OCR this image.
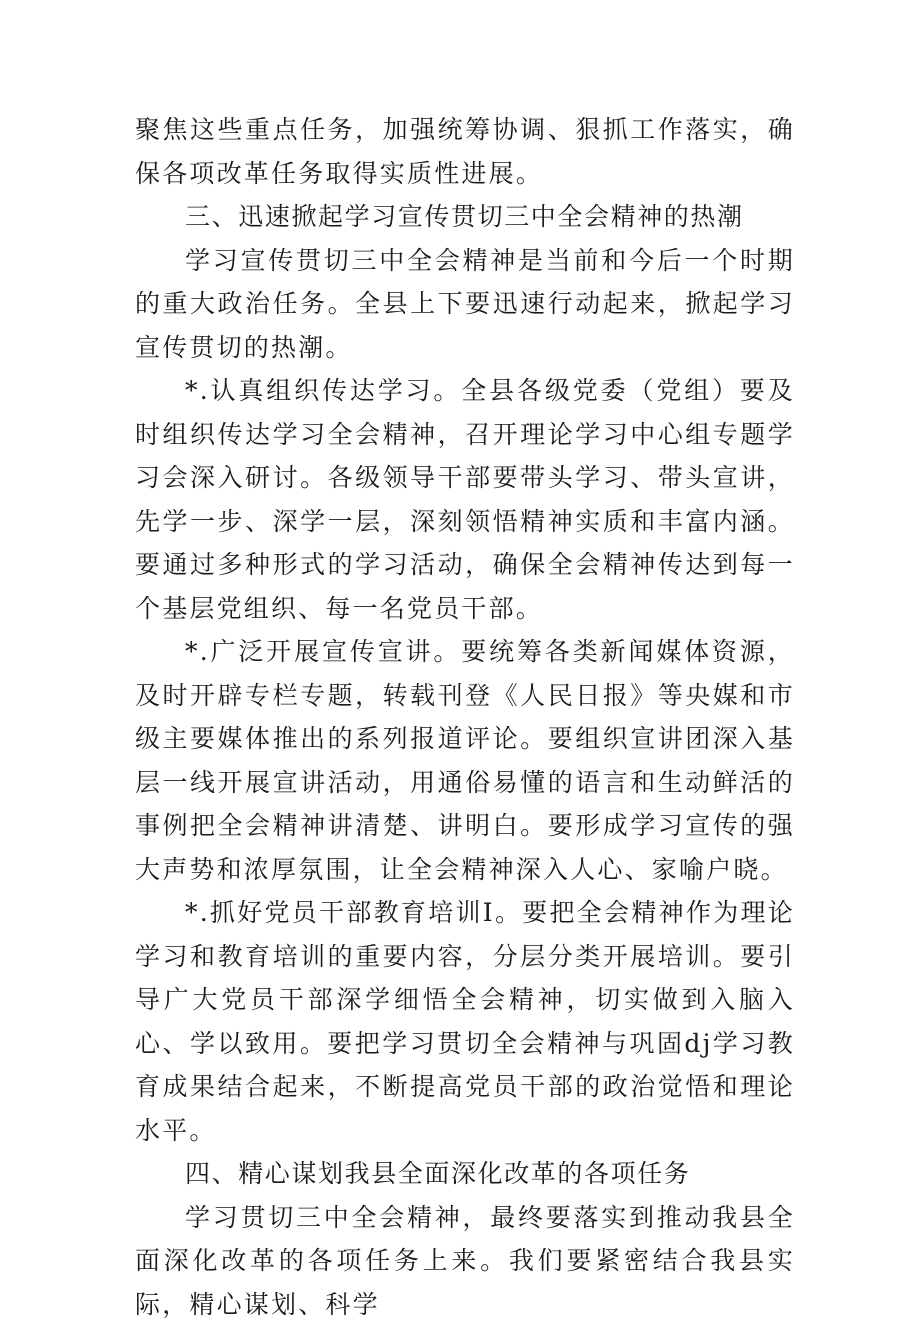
聚焦这些重点任务，加强统筹协调、狠抓工作落实，确保各项改革任务取得实质性进展。

三、迅速掀起学习宣传贯切三中全会精神的热潮

学习宣传贯切三中全会精神是当前和今后一个时期的重大政治任务。全县上下要迅速行动起来，掀起学习宣传贯切的热潮。

*.认真组织传达学习。全县各级党委（党组）要及时组织传达学习全会精神，召开理论学习中心组专题学习会深入研讨。各级领导干部要带头学习、带头宣讲，先学一步、深学一层，深刻领悟精神实质和丰富内涵。要通过多种形式的学习活动，确保全会精神传达到每一个基层党组织、每一名党员干部。

*.广泛开展宣传宣讲。要统筹各类新闻媒体资源，及时开辟专栏专题，转载刊登《人民日报》等央媒和市级主要媒体推出的系列报道评论。要组织宣讲团深入基层一线开展宣讲活动，用通俗易懂的语言和生动鲜活的事例把全会精神讲清楚、讲明白。要形成学习宣传的强大声势和浓厚氛围，让全会精神深入人心、家喻户晓。

*.抓好党员干部教育培训I。要把全会精神作为理论学习和教育培训的重要内容，分层分类开展培训。要引导广大党员干部深学细悟全会精神，切实做到入脑入心、学以致用。要把学习贯切全会精神与巩固dj学习教育成果结合起来，不断提高党员干部的政治觉悟和理论水平。

四、精心谋划我县全面深化改革的各项任务

学习贯切三中全会精神，最终要落实到推动我县全面深化改革的各项任务上来。我们要紧密结合我县实际，精心谋划、科学
